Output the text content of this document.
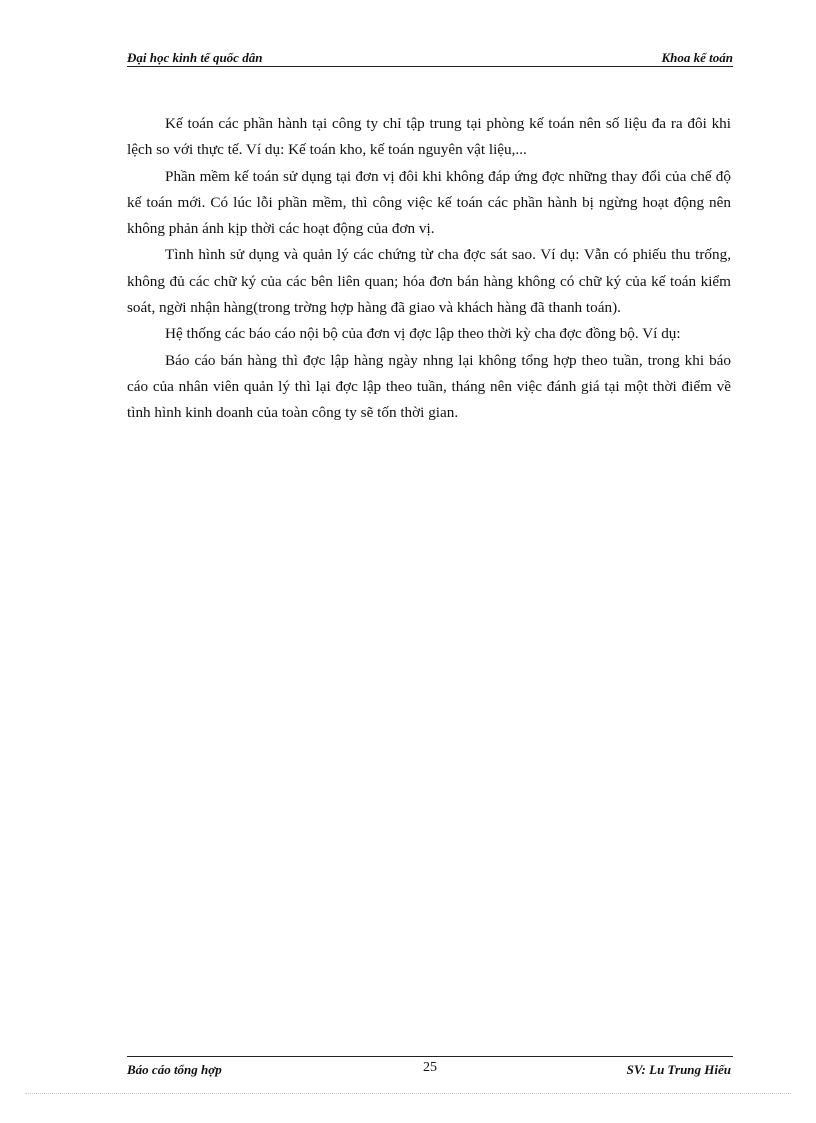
Đại học kinh tế quốc dân	Khoa kế toán

Kế toán các phần hành tại công ty chỉ tập trung tại phòng kế toán nên số liệu đa ra đôi khi lệch so với thực tế. Ví dụ: Kế toán kho, kế toán nguyên vật liệu,...

Phần mềm kế toán sử dụng tại đơn vị đôi khi không đáp ứng đợc những thay đổi của chế độ kế toán mới. Có lúc lỗi phần mềm, thì công việc kế toán các phần hành bị ngừng hoạt động nên không phản ánh kịp thời các hoạt động của đơn vị.

Tình hình sử dụng và quản lý các chứng từ cha đợc sát sao. Ví dụ: Vẫn có phiếu thu trống, không đủ các chữ ký của các bên liên quan; hóa đơn bán hàng không có chữ ký của kế toán kiểm soát, ngời nhận hàng(trong trờng hợp hàng đã giao và khách hàng đã thanh toán).

Hệ thống các báo cáo nội bộ của đơn vị đợc lập theo thời kỳ cha đợc đồng bộ. Ví dụ:

Báo cáo bán hàng thì đợc lập hàng ngày nhng lại không tổng hợp theo tuần, trong khi báo cáo của nhân viên quản lý thì lại đợc lập theo tuần, tháng nên việc đánh giá tại một thời điểm về tình hình kinh doanh của toàn công ty sẽ tốn thời gian.

Báo cáo tổng hợp	25	SV: Lu Trung Hiếu
